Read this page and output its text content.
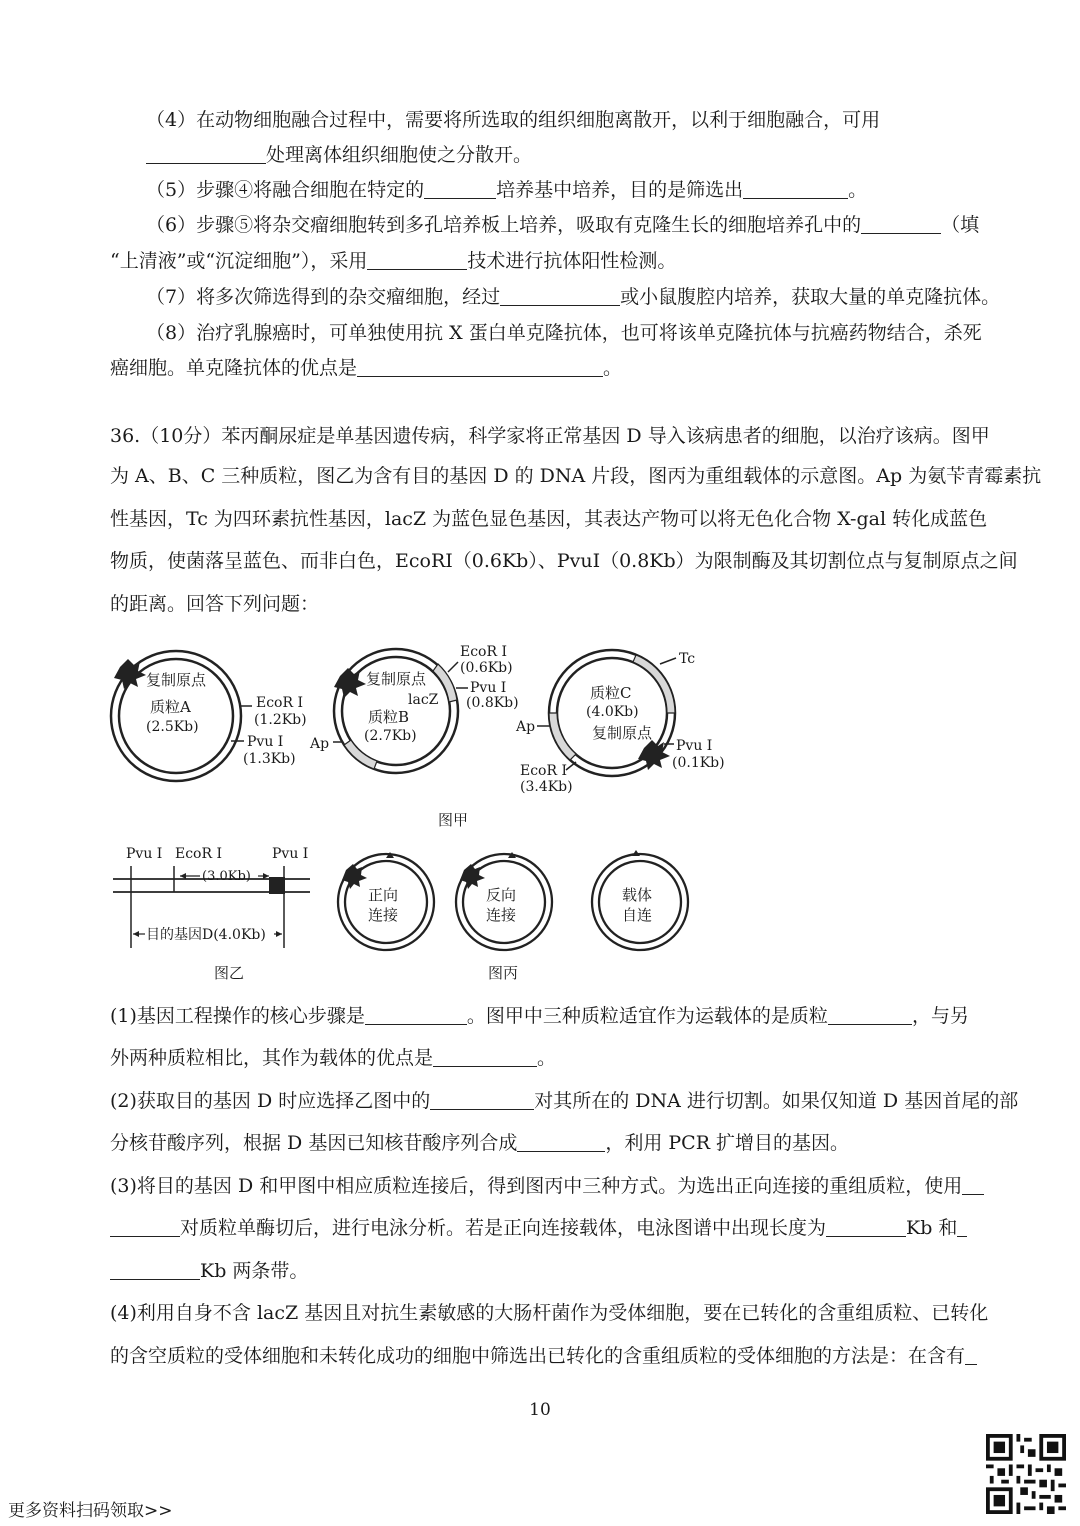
（4）在动物细胞融合过程中，需要将所选取的组织细胞离散开，以利于细胞融合，可用
处理离体组织细胞使之分散开。
（5）步骤④将融合细胞在特定的	培养基中培养，目的是筛选出	。
（6）步骤⑤将杂交瘤细胞转到多孔培养板上培养，吸取有克隆生长的细胞培养孔中的	（填
“上清液”或“沉淀细胞”），采用	技术进行抗体阳性检测。
（7）将多次筛选得到的杂交瘤细胞，经过	或小鼠腹腔内培养，获取大量的单克隆抗体。
（8）治疗乳腺癌时，可单独使用抗 X 蛋白单克隆抗体，也可将该单克隆抗体与抗癌药物结合，杀死
癌细胞。单克隆抗体的优点是	。
36.（10分）苯丙酮尿症是单基因遗传病，科学家将正常基因 D 导入该病患者的细胞，以治疗该病。图甲
为 A、B、C 三种质粒，图乙为含有目的基因 D 的 DNA 片段，图丙为重组载体的示意图。Ap 为氨苄青霉素抗
性基因，Tc 为四环素抗性基因，lacZ 为蓝色显色基因，其表达产物可以将无色化合物 X-gal 转化成蓝色
物质，使菌落呈蓝色、而非白色，EcoRI（0.6Kb）、PvuI（0.8Kb）为限制酶及其切割位点与复制原点之间
的距离。回答下列问题：
复制原点
质粒A
(2.5Kb)
EcoR Ⅰ
(1.2Kb)
Pvu Ⅰ
(1.3Kb)
复制原点
lacZ
质粒B
(2.7Kb)
EcoR Ⅰ
(0.6Kb)
Pvu Ⅰ
(0.8Kb)
Ap
质粒C
(4.0Kb)
复制原点
Tc
Ap
Pvu Ⅰ
(0.1Kb)
EcoR Ⅰ
(3.4Kb)
图甲
Pvu Ⅰ EcoR Ⅰ	Pvu Ⅰ
(3.0Kb)
目的基因D(4.0Kb)
图乙
正向
连接
反向
连接
载体
自连
图丙
(1)基因工程操作的核心步骤是	。图甲中三种质粒适宜作为运载体的是质粒	，与另
外两种质粒相比，其作为载体的优点是	。
(2)获取目的基因 D 时应选择乙图中的	对其所在的 DNA 进行切割。如果仅知道 D 基因首尾的部
分核苷酸序列，根据 D 基因已知核苷酸序列合成	，利用 PCR 扩增目的基因。
(3)将目的基因 D 和甲图中相应质粒连接后，得到图丙中三种方式。为选出正向连接的重组质粒，使用
对质粒单酶切后，进行电泳分析。若是正向连接载体，电泳图谱中出现长度为	Kb 和
Kb 两条带。
(4)利用自身不含 lacZ 基因且对抗生素敏感的大肠杆菌作为受体细胞，要在已转化的含重组质粒、已转化
的含空质粒的受体细胞和未转化成功的细胞中筛选出已转化的含重组质粒的受体细胞的方法是：在含有
10
更多资料扫码领取>>
